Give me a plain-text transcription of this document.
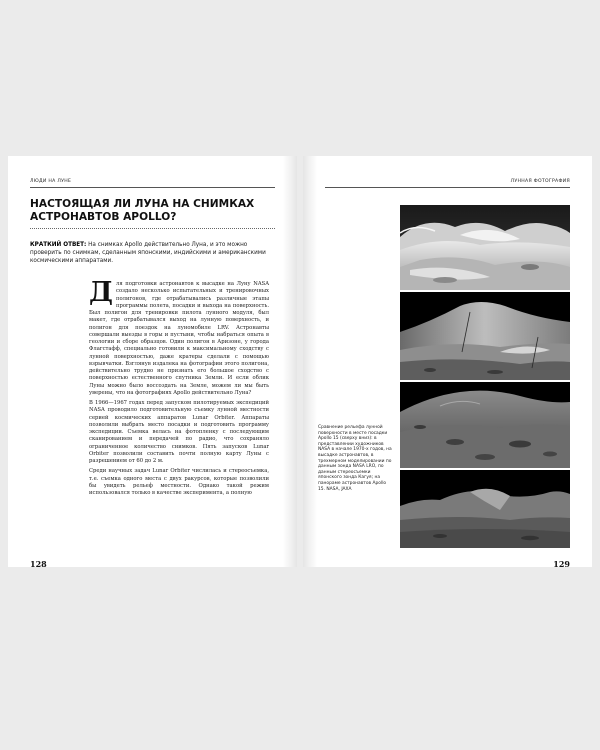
ЛЮДИ НА ЛУНЕ
НАСТОЯЩАЯ ЛИ ЛУНА НА СНИМКАХ АСТРОНАВТОВ APOLLO?

КРАТКИЙ ОТВЕТ: На снимках Apollo действительно Луна, и это можно проверить по снимкам, сделанным японскими, индийскими и американскими космическими аппаратами.

Для подготовки астронавтов к высадке на Луну NASA создало несколько испытательных и тренировочных полигонов, где отрабатывались различные этапы программы полета, посадки и выхода на поверхность. Был полигон для тренировки пилота лунного модуля, был макет, где отрабатывался выход на лунную поверхность, и полигон для поездок на луномобиле LRV. Астронавты совершали выезды в горы и пустыни, чтобы набраться опыта в геологии и сборе образцов. Один полигон в Аризоне, у города Флагстафф, специально готовили к максимальному сходству с лунной поверхностью, даже кратеры сделали с помощью взрывчатки. Взглянув издалека на фотографии этого полигона, действительно трудно не признать его большое сходство с поверхностью естественного спутника Земли. И если облик Луны можно было воссоздать на Земле, можем ли мы быть уверены, что на фотографиях Apollo действительно Луна?

В 1966—1967 годах перед запуском пилотируемых экспедиций NASA проводило подготовительную съемку лунной местности серией космических аппаратов Lunar Orbiter. Аппараты позволили выбрать место посадки и подготовить программу экспедиции. Съемка велась на фотопленку с последующим сканированием и передачей по радио, что сохраняло ограниченное количество снимков. Пять запусков Lunar Orbiter позволили составить почти полную карту Луны с разрешением от 60 до 2 м.

Среди научных задач Lunar Orbiter числилась и стереосъемка, т.е. съемка одного места с двух ракурсов, которые позволили бы увидеть рельеф местности. Однако такой режим использовался только в качестве эксперимента, а полную

128
ЛУННАЯ ФОТОГРАФИЯ

Сравнение рельефа лунной поверхности в месте посадки Apollo 15 (сверху вниз): в представлении художников NASA в начале 1970-х годов, на высадке астронавтов, в трехмерном моделировании по данным зонда NASA LRO, по данным стереосъемки японского зонда Кагуя; на панораме астронавтов Apollo 15. NASA, JAXA

129
